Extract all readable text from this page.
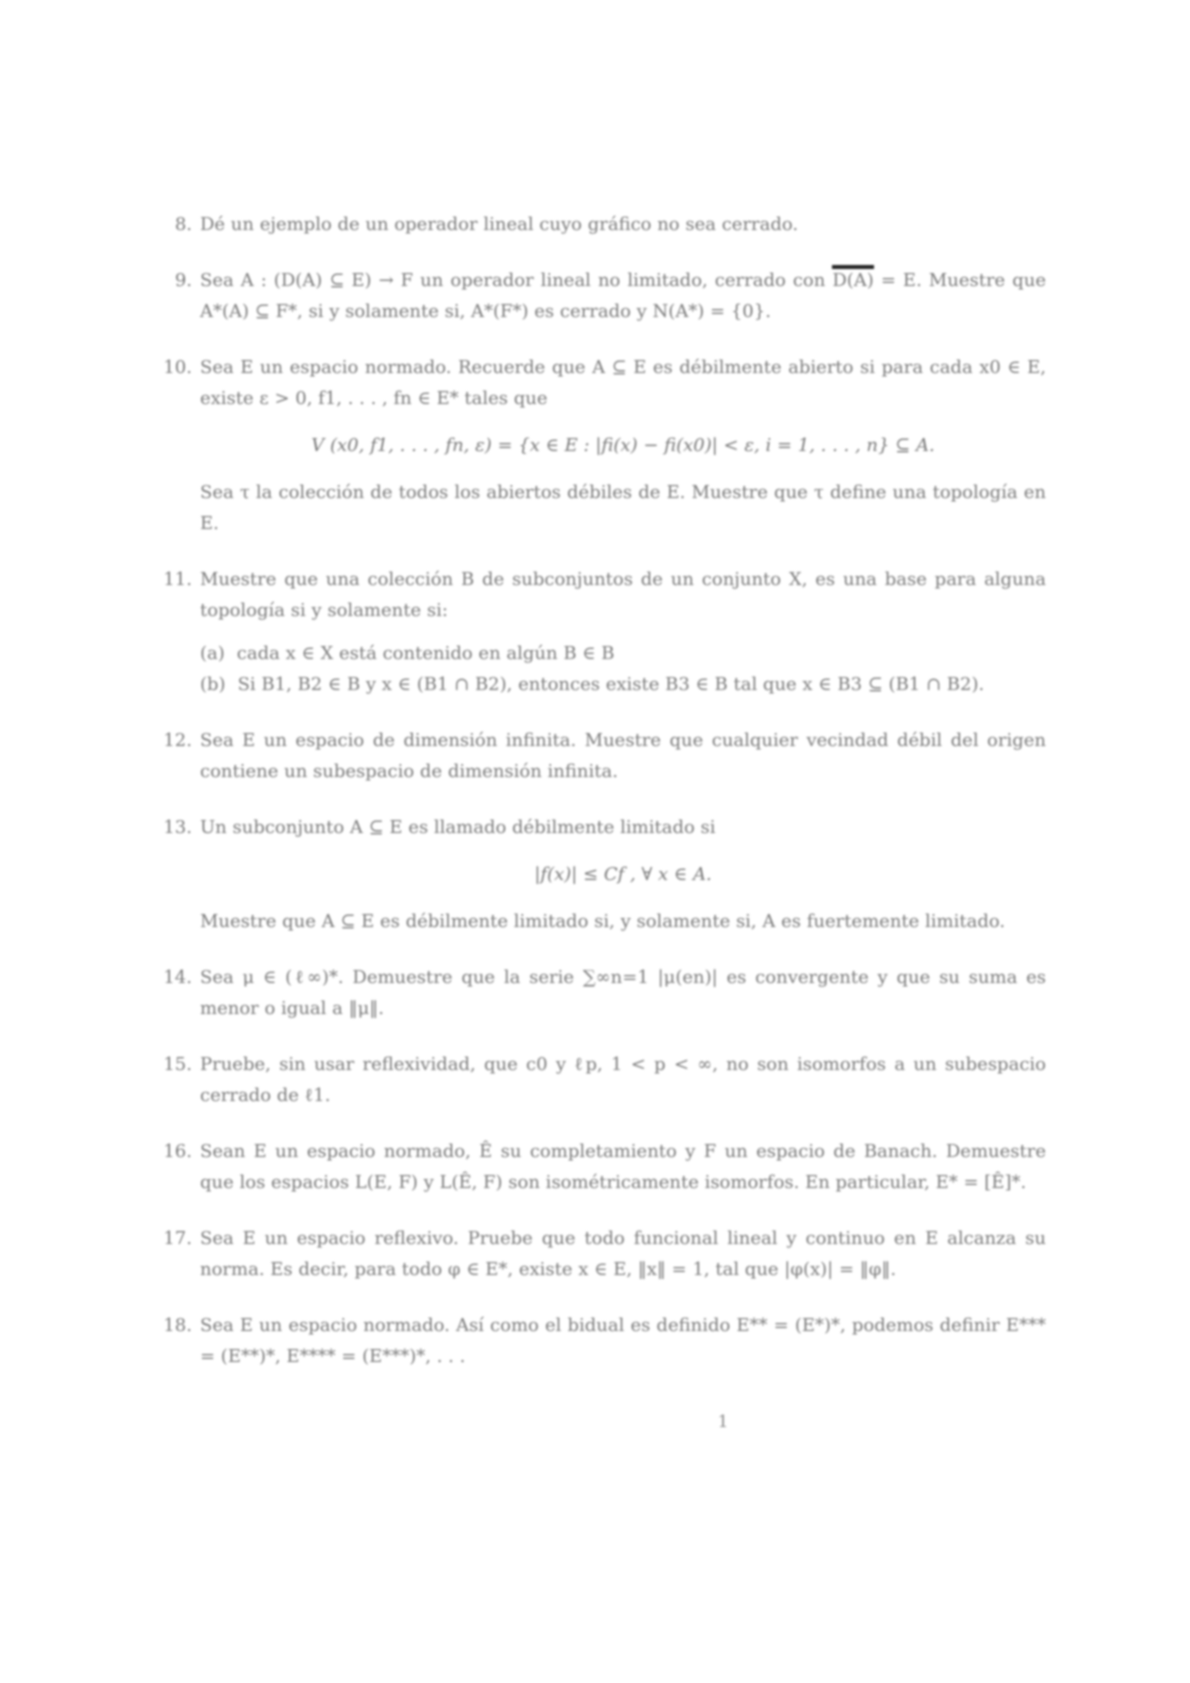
8. Dé un ejemplo de un operador lineal cuyo gráfico no sea cerrado.

9. Sea A : (D(A) ⊆ E) → F un operador lineal no limitado, cerrado con D(A) = E. Muestre que A*(A) ⊆ F*, si y solamente si, A*(F*) es cerrado y N(A*) = {0}.

10. Sea E un espacio normado. Recuerde que A ⊆ E es débilmente abierto si para cada x0 ∈ E, existe ε > 0, f1, . . . , fn ∈ E* tales que

V (x0, f1, . . . , fn, ε) = {x ∈ E : |fi(x) − fi(x0)| < ε, i = 1, . . . , n} ⊆ A.

Sea τ la colección de todos los abiertos débiles de E. Muestre que τ define una topología en E.

11. Muestre que una colección B de subconjuntos de un conjunto X, es una base para alguna topología si y solamente si:

(a) cada x ∈ X está contenido en algún B ∈ B

(b) Si B1, B2 ∈ B y x ∈ (B1 ∩ B2), entonces existe B3 ∈ B tal que x ∈ B3 ⊆ (B1 ∩ B2).

12. Sea E un espacio de dimensión infinita. Muestre que cualquier vecindad débil del origen contiene un subespacio de dimensión infinita.

13. Un subconjunto A ⊆ E es llamado débilmente limitado si

|f(x)| ≤ Cf , ∀ x ∈ A.

Muestre que A ⊆ E es débilmente limitado si, y solamente si, A es fuertemente limitado.

14. Sea μ ∈ (ℓ∞)*. Demuestre que la serie ∑∞n=1 |μ(en)| es convergente y que su suma es menor o igual a ‖μ‖.

15. Pruebe, sin usar reflexividad, que c0 y ℓp, 1 < p < ∞, no son isomorfos a un subespacio cerrado de ℓ1.

16. Sean E un espacio normado, Ê su completamiento y F un espacio de Banach. Demuestre que los espacios L(E, F) y L(Ê, F) son isométricamente isomorfos. En particular, E* = [Ê]*.

17. Sea E un espacio reflexivo. Pruebe que todo funcional lineal y continuo en E alcanza su norma. Es decir, para todo φ ∈ E*, existe x ∈ E, ‖x‖ = 1, tal que |φ(x)| = ‖φ‖.

18. Sea E un espacio normado. Así como el bidual es definido E** = (E*)*, podemos definir E*** = (E**)*, E**** = (E***)*, . . .

1
